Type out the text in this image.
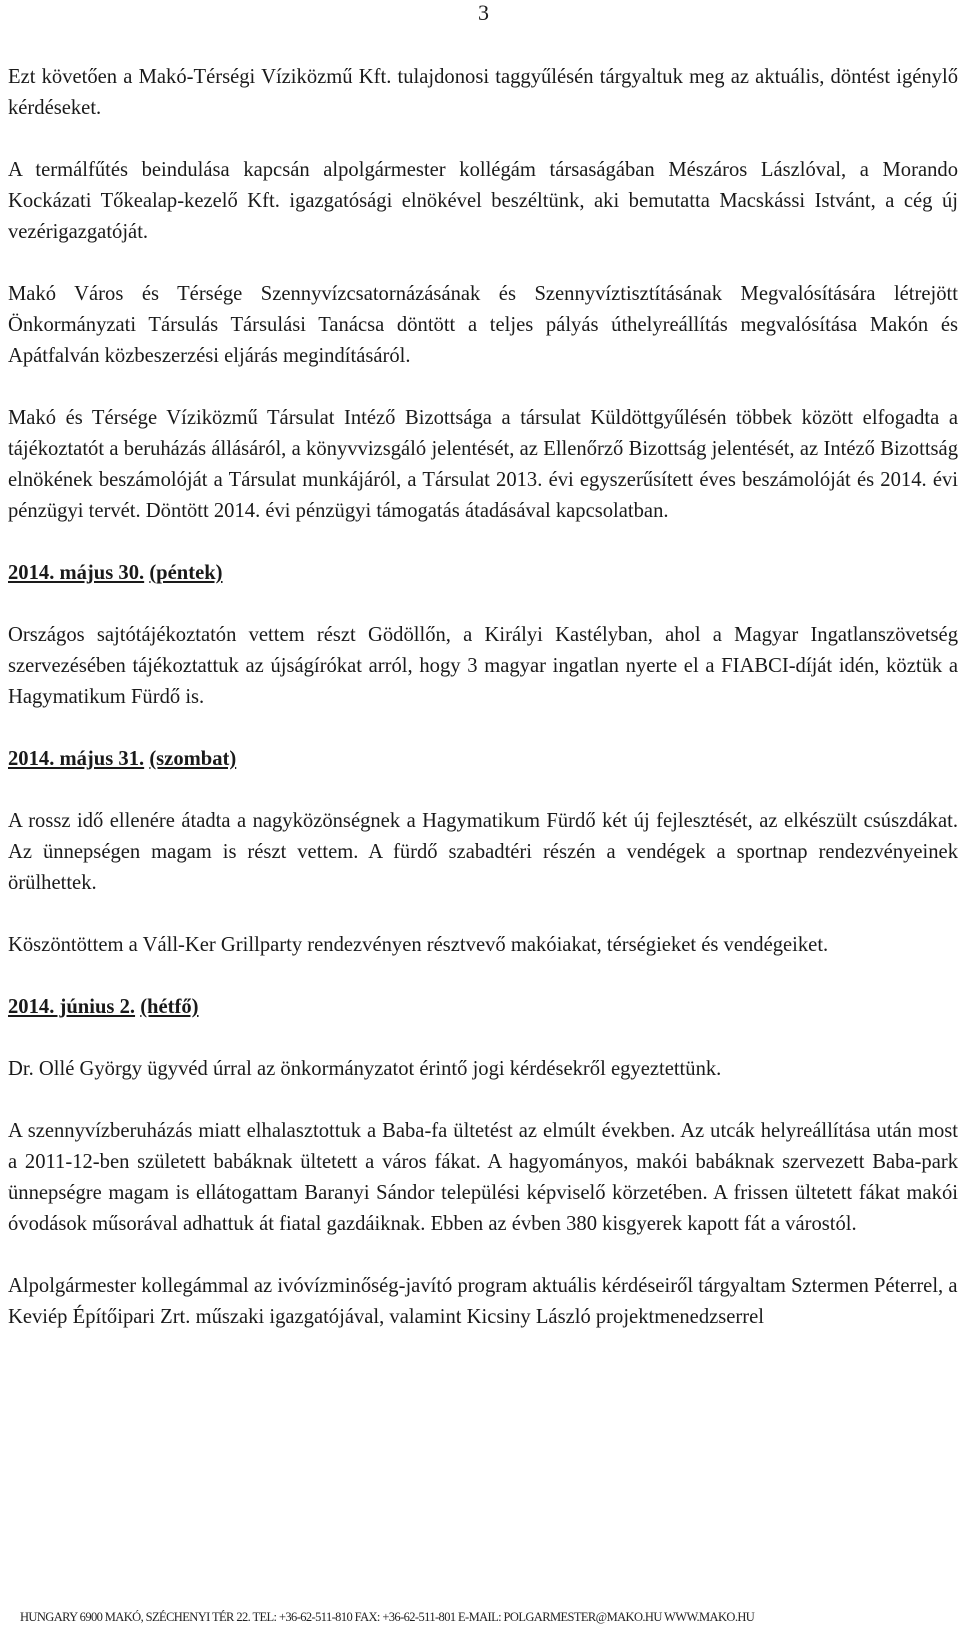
3

Ezt követően a Makó-Térségi Víziközmű Kft. tulajdonosi taggyűlésén tárgyaltuk meg az aktuális, döntést igénylő kérdéseket.

A termálfűtés beindulása kapcsán alpolgármester kollégám társaságában Mészáros Lászlóval, a Morando Kockázati Tőkealap-kezelő Kft. igazgatósági elnökével beszéltünk, aki bemutatta Macskássi Istvánt, a cég új vezérigazgatóját.

Makó Város és Térsége Szennyvízcsatornázásának és Szennyvíztisztításának Megvalósítására létrejött Önkormányzati Társulás Társulási Tanácsa döntött a teljes pályás úthelyreállítás megvalósítása Makón és Apátfalván közbeszerzési eljárás megindításáról.

Makó és Térsége Víziközmű Társulat Intéző Bizottsága a társulat Küldöttgyűlésén többek között elfogadta a tájékoztatót a beruházás állásáról, a könyvvizsgáló jelentését, az Ellenőrző Bizottság jelentését, az Intéző Bizottság elnökének beszámolóját a Társulat munkájáról, a Társulat 2013. évi egyszerűsített éves beszámolóját és 2014. évi pénzügyi tervét. Döntött 2014. évi pénzügyi támogatás átadásával kapcsolatban.

2014. május 30. (péntek)

Országos sajtótájékoztatón vettem részt Gödöllőn, a Királyi Kastélyban, ahol a Magyar Ingatlanszövetség szervezésében tájékoztattuk az újságírókat arról, hogy 3 magyar ingatlan nyerte el a FIABCI-díját idén, köztük a Hagymatikum Fürdő is.

2014. május 31. (szombat)

A rossz idő ellenére átadta a nagyközönségnek a Hagymatikum Fürdő két új fejlesztését, az elkészült csúszdákat. Az ünnepségen magam is részt vettem. A fürdő szabadtéri részén a vendégek a sportnap rendezvényeinek örülhettek.

Köszöntöttem a Váll-Ker Grillparty rendezvényen résztvevő makóiakat, térségieket és vendégeiket.

2014. június 2. (hétfő)

Dr. Ollé György ügyvéd úrral az önkormányzatot érintő jogi kérdésekről egyeztettünk.

A szennyvízberuházás miatt elhalasztottuk a Baba-fa ültetést az elmúlt években. Az utcák helyreállítása után most a 2011-12-ben született babáknak ültetett a város fákat. A hagyományos, makói babáknak szervezett Baba-park ünnepségre magam is ellátogattam Baranyi Sándor települési képviselő körzetében. A frissen ültetett fákat makói óvodások műsorával adhattuk át fiatal gazdáiknak. Ebben az évben 380 kisgyerek kapott fát a várostól.

Alpolgármester kollegámmal az ivóvízminőség-javító program aktuális kérdéseiről tárgyaltam Sztermen Péterrel, a Keviép Építőipari Zrt. műszaki igazgatójával, valamint Kicsiny László projektmenedzserrel

HUNGARY 6900 MAKÓ, SZÉCHENYI TÉR 22. TEL: +36-62-511-810 FAX: +36-62-511-801 E-MAIL: POLGARMESTER@MAKO.HU WWW.MAKO.HU
